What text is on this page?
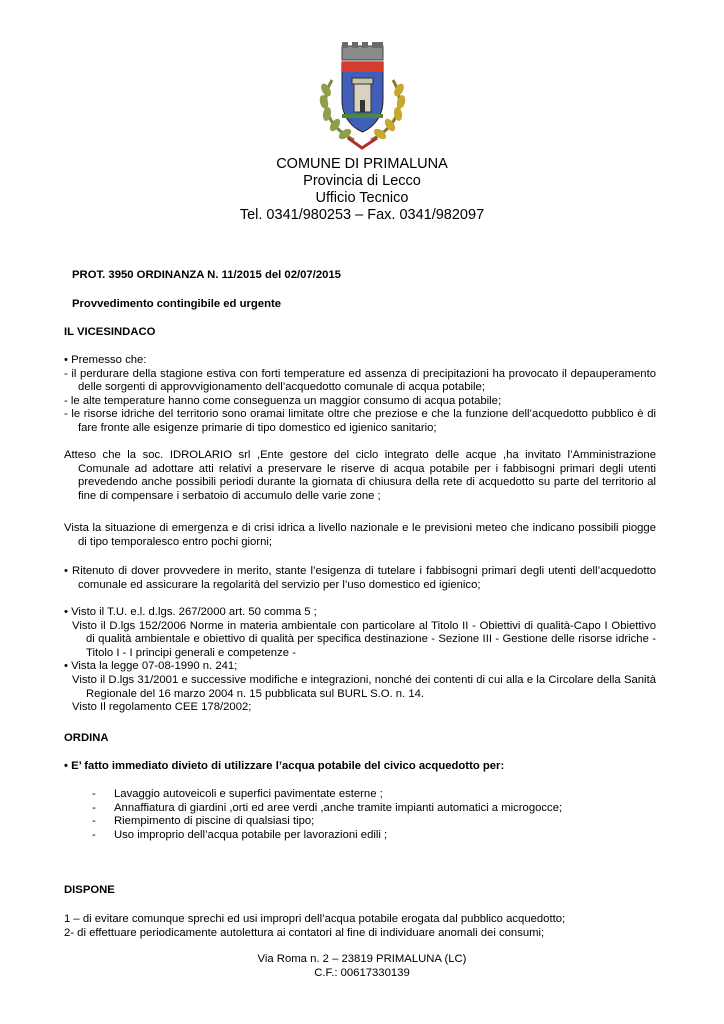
COMUNE DI PRIMALUNA
Provincia di Lecco
Ufficio Tecnico
Tel. 0341/980253 – Fax. 0341/982097
PROT. 3950 ORDINANZA N. 11/2015 del 02/07/2015
Provvedimento contingibile ed urgente
IL VICESINDACO

• Premesso che:

- il perdurare della stagione estiva con forti temperature ed assenza di precipitazioni ha provocato il depauperamento delle sorgenti di approvvigionamento dell’acquedotto comunale di acqua potabile;

- le alte temperature hanno come conseguenza un maggior consumo di acqua potabile;

- le risorse idriche del territorio sono oramai limitate oltre che preziose e che la funzione dell’acquedotto pubblico è di fare fronte alle esigenze primarie di tipo domestico ed igienico sanitario;

Atteso che la soc. IDROLARIO srl ,Ente gestore del ciclo integrato delle acque ,ha invitato l’Amministrazione Comunale ad adottare atti relativi a preservare le riserve di acqua potabile per i fabbisogni primari degli utenti prevedendo anche possibili periodi durante la giornata di chiusura della rete di acquedotto su parte del territorio al fine di compensare i serbatoio di accumulo delle varie zone ;

Vista la situazione di emergenza e di crisi idrica a livello nazionale e le previsioni meteo che indicano possibili piogge di tipo temporalesco entro pochi giorni;

• Ritenuto di dover provvedere in merito, stante l’esigenza di tutelare i fabbisogni primari degli utenti dell’acquedotto comunale ed assicurare la regolarità del servizio per l’uso domestico ed igienico;

• Visto il T.U. e.l. d.lgs. 267/2000 art. 50 comma 5 ;

Visto il D.lgs 152/2006 Norme in materia ambientale con particolare al Titolo II - Obiettivi di qualità-Capo I Obiettivo di qualità ambientale e obiettivo di qualità per specifica destinazione - Sezione III - Gestione delle risorse idriche -Titolo I - I principi generali e competenze -

• Vista la legge 07-08-1990 n. 241;

Visto il D.lgs 31/2001 e successive modifiche e integrazioni, nonché dei contenti di cui alla e la Circolare della Sanità Regionale del 16 marzo 2004 n. 15 pubblicata sul BURL S.O. n. 14.

Visto Il regolamento CEE 178/2002;

ORDINA
• E’ fatto immediato divieto di utilizzare l’acqua potabile del civico acquedotto per:
- Lavaggio autoveicoli e superfici pavimentate esterne ;
- Annaffiatura di giardini ,orti ed aree verdi ,anche tramite impianti automatici a microgocce;
- Riempimento di piscine di qualsiasi tipo;
- Uso improprio dell’acqua potabile per lavorazioni edili ;
DISPONE

1 – di evitare comunque sprechi ed usi impropri dell’acqua potabile erogata dal pubblico acquedotto;

2- di effettuare periodicamente autolettura ai contatori al fine di individuare anomali dei consumi;

Via Roma n. 2 – 23819 PRIMALUNA (LC)
C.F.: 00617330139
